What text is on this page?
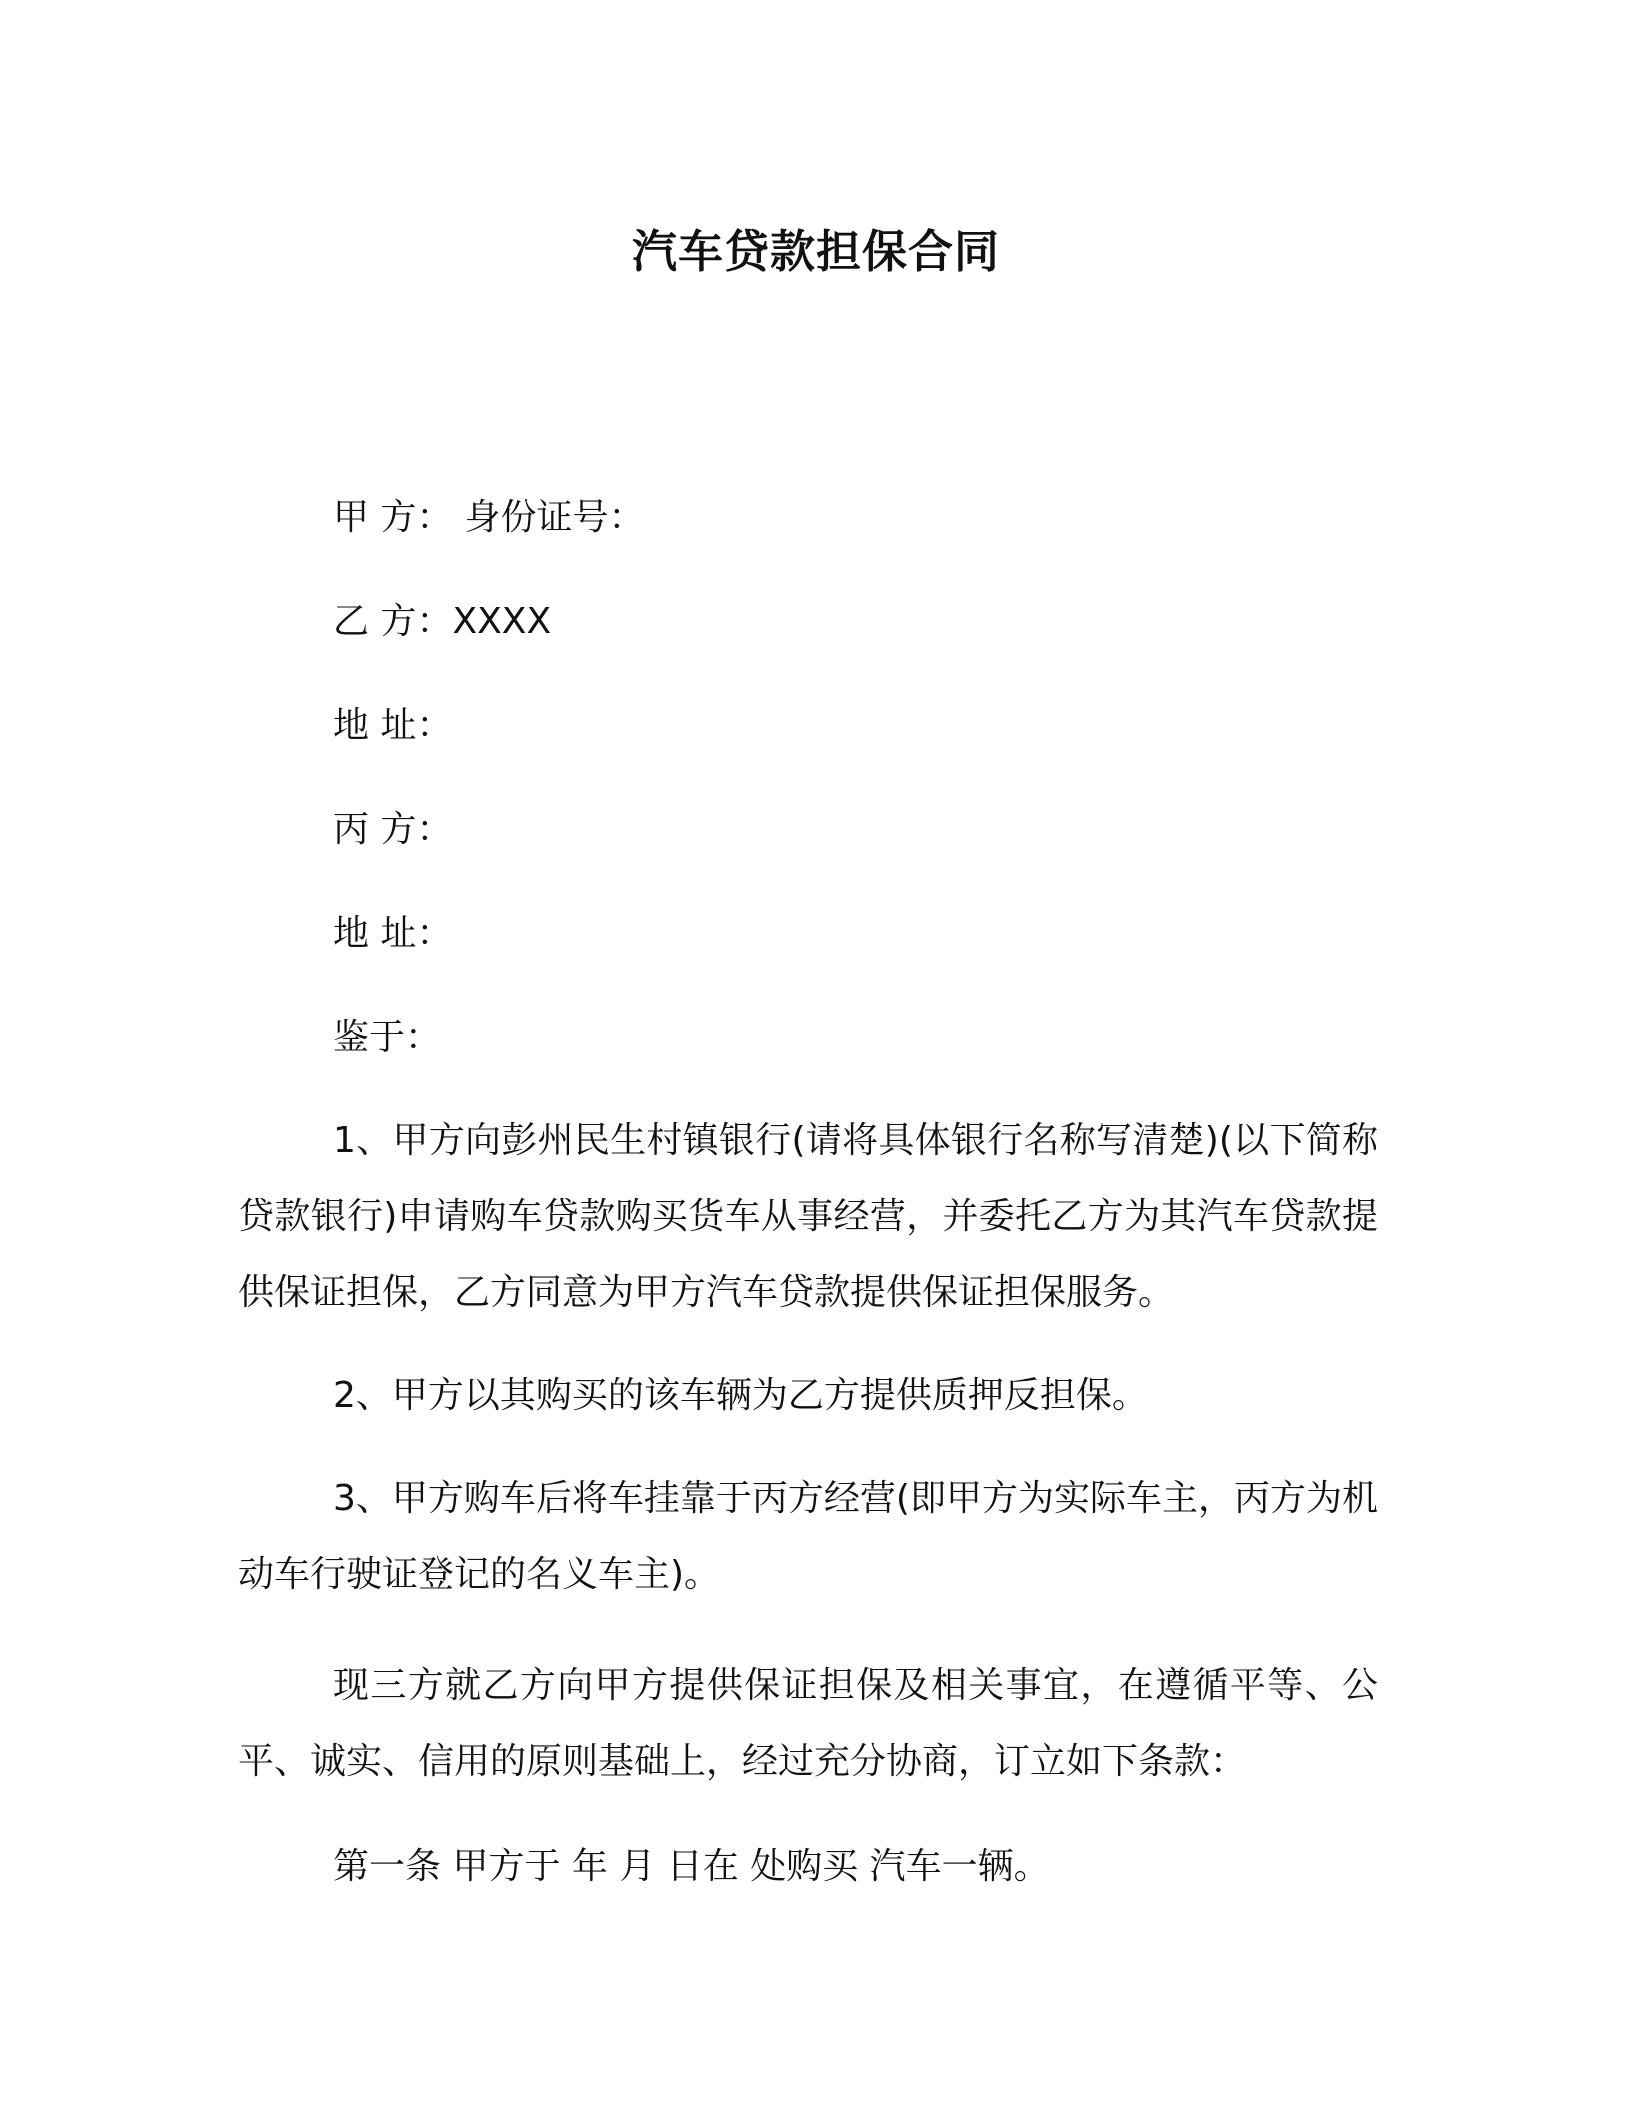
汽车贷款担保合同
甲 方： 身份证号：
乙 方：XXXX
地 址：
丙 方：
地 址：
鉴于：
1、甲方向彭州民生村镇银行(请将具体银行名称写清楚)(以下简称贷款银行)申请购车贷款购买货车从事经营，并委托乙方为其汽车贷款提供保证担保，乙方同意为甲方汽车贷款提供保证担保服务。
2、甲方以其购买的该车辆为乙方提供质押反担保。
3、甲方购车后将车挂靠于丙方经营(即甲方为实际车主，丙方为机动车行驶证登记的名义车主)。
现三方就乙方向甲方提供保证担保及相关事宜，在遵循平等、公平、诚实、信用的原则基础上，经过充分协商，订立如下条款：
第一条 甲方于 年 月 日在 处购买 汽车一辆。
